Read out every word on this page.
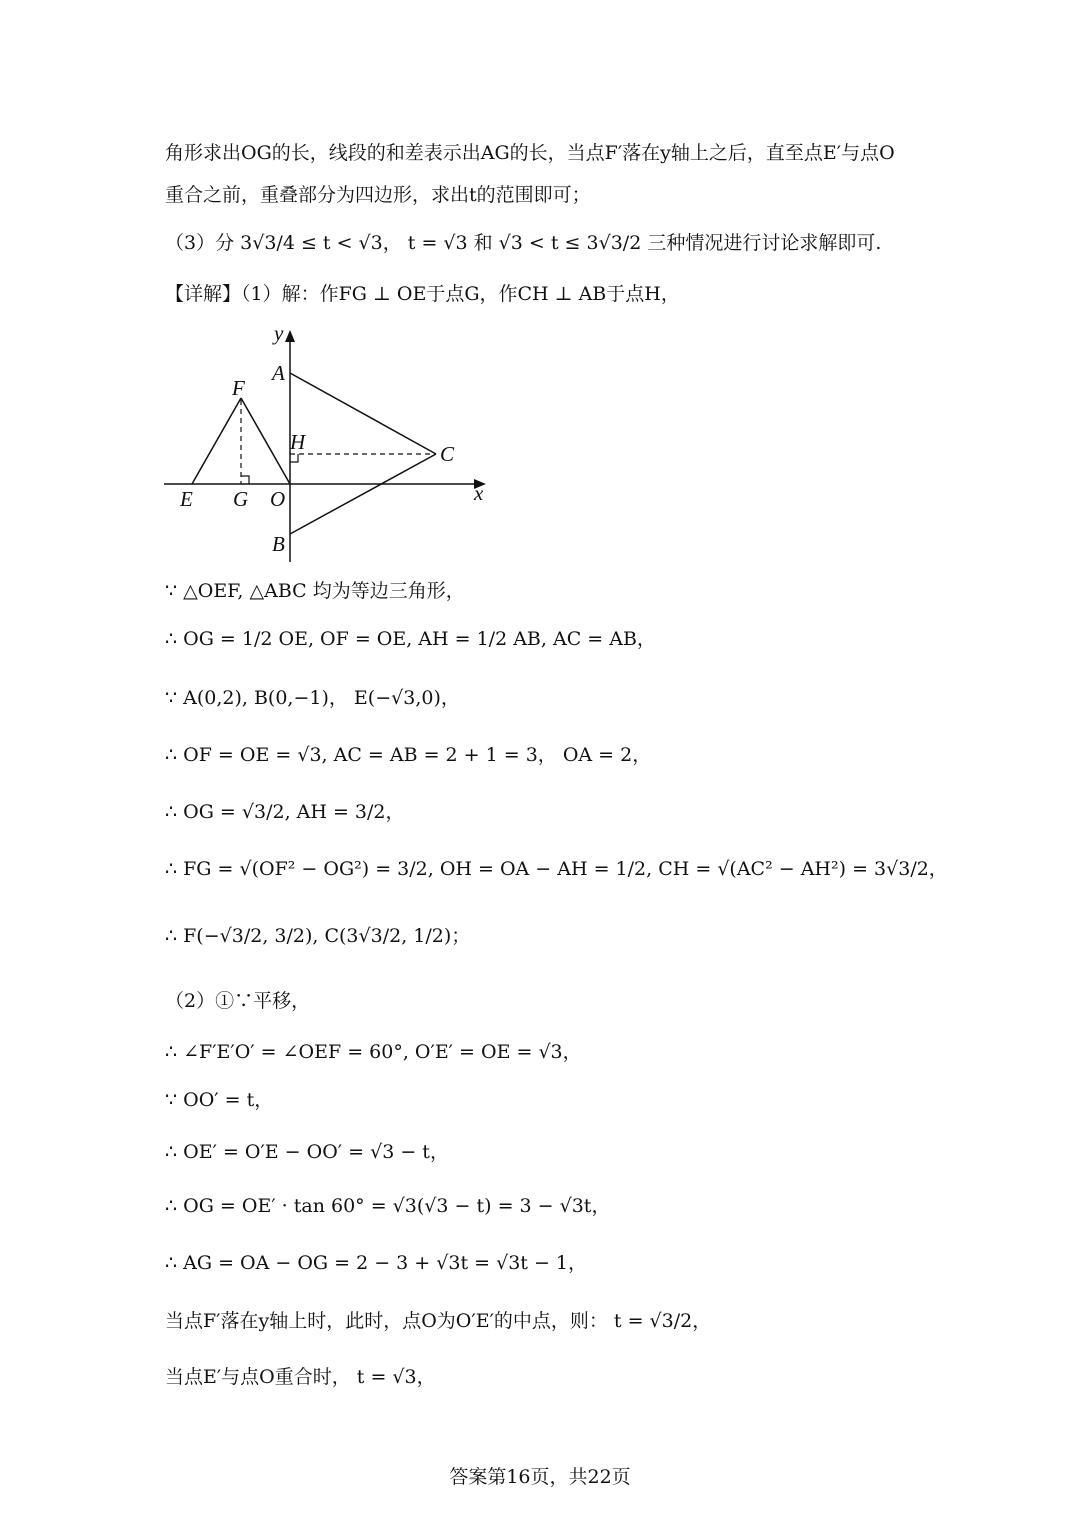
角形求出OG的长，线段的和差表示出AG的长，当点F′落在y轴上之后，直至点E′与点O
重合之前，重叠部分为四边形，求出t的范围即可；
（3）分 3√3/4 ≤ t < √3， t = √3 和 √3 < t ≤ 3√3/2 三种情况进行讨论求解即可.
【详解】（1）解：作FG ⊥ OE于点G，作CH ⊥ AB于点H，
y
A
F
H	C
E G O	x
B
∵ △OEF, △ABC 均为等边三角形，
∴ OG = 1/2 OE, OF = OE, AH = 1/2 AB, AC = AB，
∵ A(0,2), B(0,−1)， E(−√3,0)，
∴ OF = OE = √3, AC = AB = 2 + 1 = 3， OA = 2，
∴ OG = √3/2, AH = 3/2，
∴ FG = √(OF² − OG²) = 3/2, OH = OA − AH = 1/2, CH = √(AC² − AH²) = 3√3/2，
∴ F(−√3/2, 3/2), C(3√3/2, 1/2)；
（2）①∵平移，
∴ ∠F′E′O′ = ∠OEF = 60°, O′E′ = OE = √3，
∵ OO′ = t，
∴ OE′ = O′E − OO′ = √3 − t，
∴ OG = OE′ · tan 60° = √3(√3 − t) = 3 − √3t，
∴ AG = OA − OG = 2 − 3 + √3t = √3t − 1，
当点F′落在y轴上时，此时，点O为O′E′的中点，则： t = √3/2，
当点E′与点O重合时， t = √3，
答案第16页，共22页
